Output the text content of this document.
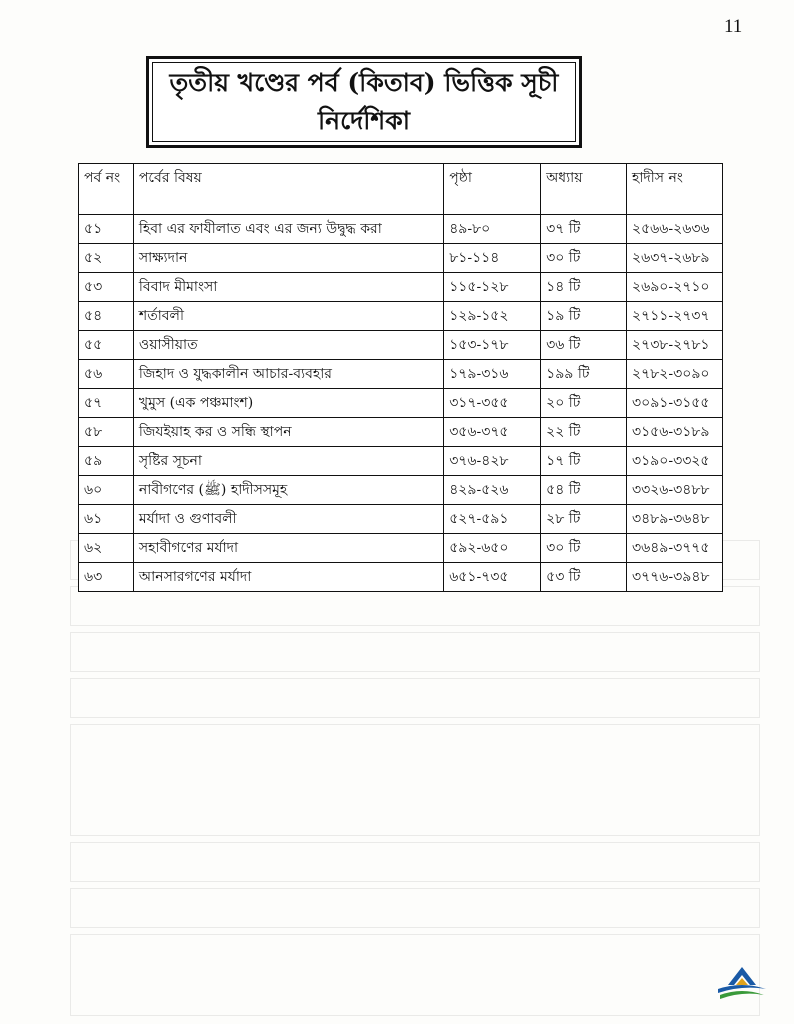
11
তৃতীয় খণ্ডের পর্ব (কিতাব) ভিত্তিক সূচী
নির্দেশিকা
পর্ব নং	পর্বের বিষয়	পৃষ্ঠা	অধ্যায়	হাদীস নং
৫১	হিবা এর ফাযীলাত এবং এর জন্য উদ্বুদ্ধ করা	৪৯-৮০	৩৭ টি	২৫৬৬-২৬৩৬
৫২	সাক্ষ্যদান	৮১-১১৪	৩০ টি	২৬৩৭-২৬৮৯
৫৩	বিবাদ মীমাংসা	১১৫-১২৮	১৪ টি	২৬৯০-২৭১০
৫৪	শর্তাবলী	১২৯-১৫২	১৯ টি	২৭১১-২৭৩৭
৫৫	ওয়াসীয়াত	১৫৩-১৭৮	৩৬ টি	২৭৩৮-২৭৮১
৫৬	জিহাদ ও যুদ্ধকালীন আচার-ব্যবহার	১৭৯-৩১৬	১৯৯ টি	২৭৮২-৩০৯০
৫৭	খুমুস (এক পঞ্চমাংশ)	৩১৭-৩৫৫	২০ টি	৩০৯১-৩১৫৫
৫৮	জিযইয়াহ কর ও সন্ধি স্থাপন	৩৫৬-৩৭৫	২২ টি	৩১৫৬-৩১৮৯
৫৯	সৃষ্টির সূচনা	৩৭৬-৪২৮	১৭ টি	৩১৯০-৩৩২৫
৬০	নাবীগণের (ﷺ) হাদীসসমূহ	৪২৯-৫২৬	৫৪ টি	৩৩২৬-৩৪৮৮
৬১	মর্যাদা ও গুণাবলী	৫২৭-৫৯১	২৮ টি	৩৪৮৯-৩৬৪৮
৬২	সহাবীগণের মর্যাদা	৫৯২-৬৫০	৩০ টি	৩৬৪৯-৩৭৭৫
৬৩	আনসারগণের মর্যাদা	৬৫১-৭৩৫	৫৩ টি	৩৭৭৬-৩৯৪৮
